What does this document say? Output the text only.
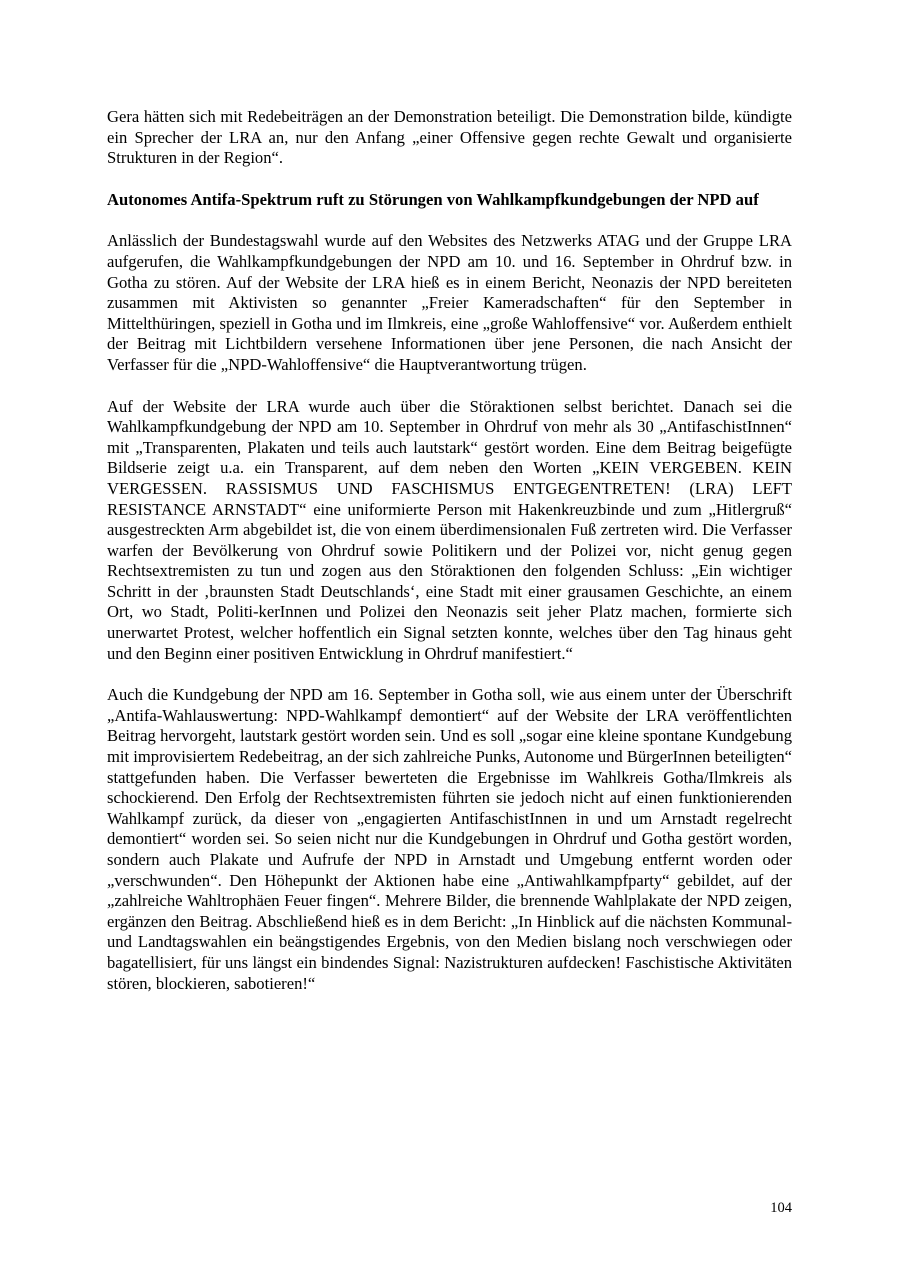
Gera hätten sich mit Redebeiträgen an der Demonstration beteiligt. Die Demonstration bilde, kündigte ein Sprecher der LRA an, nur den Anfang „einer Offensive gegen rechte Gewalt und organisierte Strukturen in der Region“.

Autonomes Antifa-Spektrum ruft zu Störungen von Wahlkampfkundgebungen der NPD auf

Anlässlich der Bundestagswahl wurde auf den Websites des Netzwerks ATAG und der Gruppe LRA aufgerufen, die Wahlkampfkundgebungen der NPD am 10. und 16. September in Ohrdruf bzw. in Gotha zu stören. Auf der Website der LRA hieß es in einem Bericht, Neonazis der NPD bereiteten zusammen mit Aktivisten so genannter „Freier Kameradschaften“ für den September in Mittelthüringen, speziell in Gotha und im Ilmkreis, eine „große Wahloffensive“ vor. Außerdem enthielt der Beitrag mit Lichtbildern versehene Informationen über jene Personen, die nach Ansicht der Verfasser für die „NPD-Wahloffensive“ die Hauptverantwortung trügen.

Auf der Website der LRA wurde auch über die Störaktionen selbst berichtet. Danach sei die Wahlkampfkundgebung der NPD am 10. September in Ohrdruf von mehr als 30 „AntifaschistInnen“ mit „Transparenten, Plakaten und teils auch lautstark“ gestört worden. Eine dem Beitrag beigefügte Bildserie zeigt u.a. ein Transparent, auf dem neben den Worten „KEIN VERGEBEN. KEIN VERGESSEN. RASSISMUS UND FASCHISMUS ENTGEGENTRETEN! (LRA) LEFT RESISTANCE ARNSTADT“ eine uniformierte Person mit Hakenkreuzbinde und zum „Hitlergruß“ ausgestreckten Arm abgebildet ist, die von einem überdimensionalen Fuß zertreten wird. Die Verfasser warfen der Bevölkerung von Ohrdruf sowie Politikern und der Polizei vor, nicht genug gegen Rechtsextremisten zu tun und zogen aus den Störaktionen den folgenden Schluss: „Ein wichtiger Schritt in der ‚braunsten Stadt Deutschlands‘, eine Stadt mit einer grausamen Geschichte, an einem Ort, wo Stadt, Politi-kerInnen und Polizei den Neonazis seit jeher Platz machen, formierte sich unerwartet Protest, welcher hoffentlich ein Signal setzten konnte, welches über den Tag hinaus geht und den Beginn einer positiven Entwicklung in Ohrdruf manifestiert.“

Auch die Kundgebung der NPD am 16. September in Gotha soll, wie aus einem unter der Überschrift „Antifa-Wahlauswertung: NPD-Wahlkampf demontiert“ auf der Website der LRA veröffentlichten Beitrag hervorgeht, lautstark gestört worden sein. Und es soll „sogar eine kleine spontane Kundgebung mit improvisiertem Redebeitrag, an der sich zahlreiche Punks, Autonome und BürgerInnen beteiligten“ stattgefunden haben. Die Verfasser bewerteten die Ergebnisse im Wahlkreis Gotha/Ilmkreis als schockierend. Den Erfolg der Rechtsextremisten führten sie jedoch nicht auf einen funktionierenden Wahlkampf zurück, da dieser von „engagierten AntifaschistInnen in und um Arnstadt regelrecht demontiert“ worden sei. So seien nicht nur die Kundgebungen in Ohrdruf und Gotha gestört worden, sondern auch Plakate und Aufrufe der NPD in Arnstadt und Umgebung entfernt worden oder „verschwunden“. Den Höhepunkt der Aktionen habe eine „Antiwahlkampfparty“ gebildet, auf der „zahlreiche Wahltrophäen Feuer fingen“. Mehrere Bilder, die brennende Wahlplakate der NPD zeigen, ergänzen den Beitrag. Abschließend hieß es in dem Bericht: „In Hinblick auf die nächsten Kommunal- und Landtagswahlen ein beängstigendes Ergebnis, von den Medien bislang noch verschwiegen oder bagatellisiert, für uns längst ein bindendes Signal: Nazistrukturen aufdecken! Faschistische Aktivitäten stören, blockieren, sabotieren!“

104
